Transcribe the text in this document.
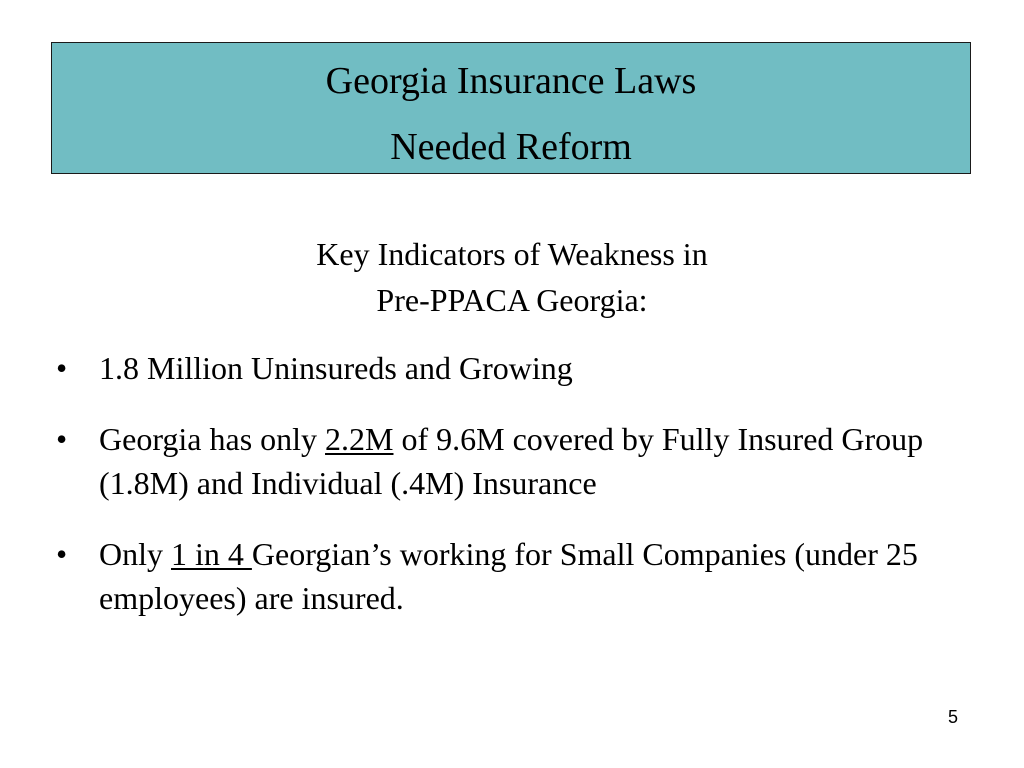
Georgia Insurance Laws
Needed Reform
Key Indicators of Weakness in
Pre-PPACA Georgia:
• 1.8 Million Uninsureds and Growing
• Georgia has only 2.2M of 9.6M covered by Fully Insured Group (1.8M) and Individual (.4M) Insurance
• Only 1 in 4 Georgian’s working for Small Companies (under 25 employees) are insured.
5
